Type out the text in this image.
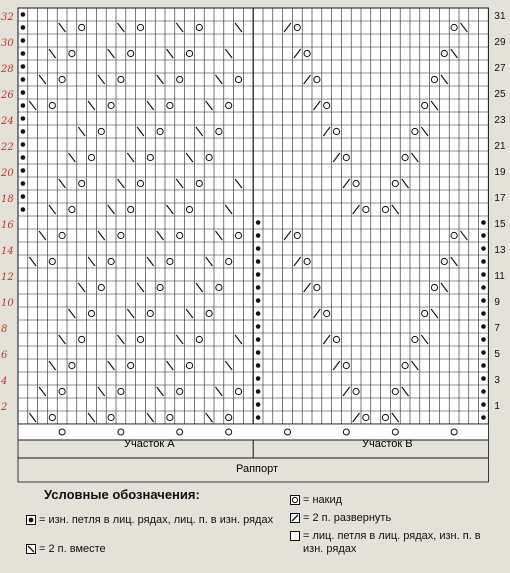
31
29
27
25
23
21
19
17
15
13
11
9
7
5
3
1
32
30
28
26
24
22
20
18
16
14
12
10
8
6
4
2
Участок А	Участок В
Раппорт
Условные обозначения:
= изн. петля в лиц. рядах, лиц. п. в изн. рядах
= 2 п. вместе
= накид
= 2 п. развернуть
= лиц. петля в лиц. рядах, изн. п. в изн. рядах
